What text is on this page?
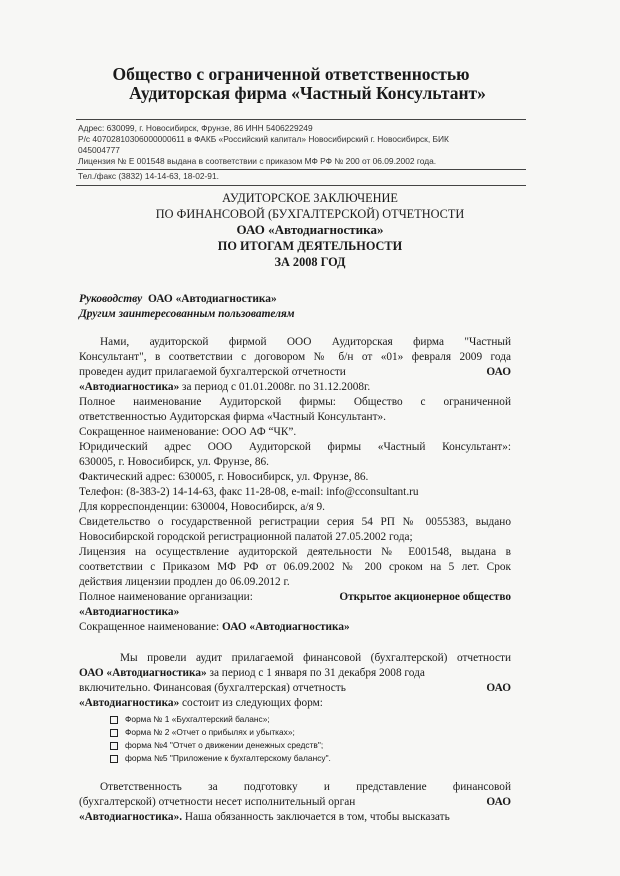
Общество с ограниченной ответственностью
Аудиторская фирма «Частный Консультант»
Адрес: 630099, г. Новосибирск, Фрунзе, 86 ИНН 5406229249
Р/с 40702810306000000611 в ФАКБ «Российский капитал» Новосибирский г. Новосибирск, БИК
045004777
Лицензия № Е 001548 выдана в соответствии с приказом МФ РФ № 200 от 06.09.2002 года.
Тел./факс (3832) 14-14-63, 18-02-91.
АУДИТОРСКОЕ ЗАКЛЮЧЕНИЕ
ПО ФИНАНСОВОЙ (БУХГАЛТЕРСКОЙ) ОТЧЕТНОСТИ
ОАО «Автодиагностика»
ПО ИТОГАМ ДЕЯТЕЛЬНОСТИ
ЗА 2008 ГОД
Руководству ОАО «Автодиагностика»
Другим заинтересованным пользователям
Нами, аудиторской фирмой ООО Аудиторская фирма "Частный
Консультант", в соответствии с договором № б/н от «01» февраля 2009 года
проведен аудит прилагаемой бухгалтерской отчетности	ОАО
«Автодиагностика» за период с 01.01.2008г. по 31.12.2008г.
Полное наименование Аудиторской фирмы: Общество с ограниченной
ответственностью Аудиторская фирма «Частный Консультант».
Сокращенное наименование: ООО АФ “ЧК”.
Юридический адрес ООО Аудиторской фирмы «Частный Консультант»:
630005, г. Новосибирск, ул. Фрунзе, 86.
Фактический адрес: 630005, г. Новосибирск, ул. Фрунзе, 86.
Телефон: (8-383-2) 14-14-63, факс 11-28-08, e-mail: info@cconsultant.ru
Для корреспонденции: 630004, Новосибирск, а/я 9.
Свидетельство о государственной регистрации серия 54 РП № 0055383, выдано
Новосибирской городской регистрационной палатой 27.05.2002 года;
Лицензия на осуществление аудиторской деятельности № Е001548, выдана в
соответствии с Приказом МФ РФ от 06.09.2002 № 200 сроком на 5 лет. Срок
действия лицензии продлен до 06.09.2012 г.
Полное наименование организации:	Открытое акционерное общество
«Автодиагностика»
Сокращенное наименование: ОАО «Автодиагностика»
Мы провели аудит прилагаемой финансовой (бухгалтерской) отчетности
ОАО «Автодиагностика» за период с 1 января по 31 декабря 2008 года
включительно. Финансовая (бухгалтерская) отчетность	ОАО
«Автодиагностика» состоит из следующих форм:
Форма № 1 «Бухгалтерский баланс»;
Форма № 2 «Отчет о прибылях и убытках»;
форма №4 "Отчет о движении денежных средств";
форма №5 "Приложение к бухгалтерскому балансу".
Ответственность за подготовку и представление финансовой
(бухгалтерской) отчетности несет исполнительный орган	ОАО
«Автодиагностика». Наша обязанность заключается в том, чтобы высказать
